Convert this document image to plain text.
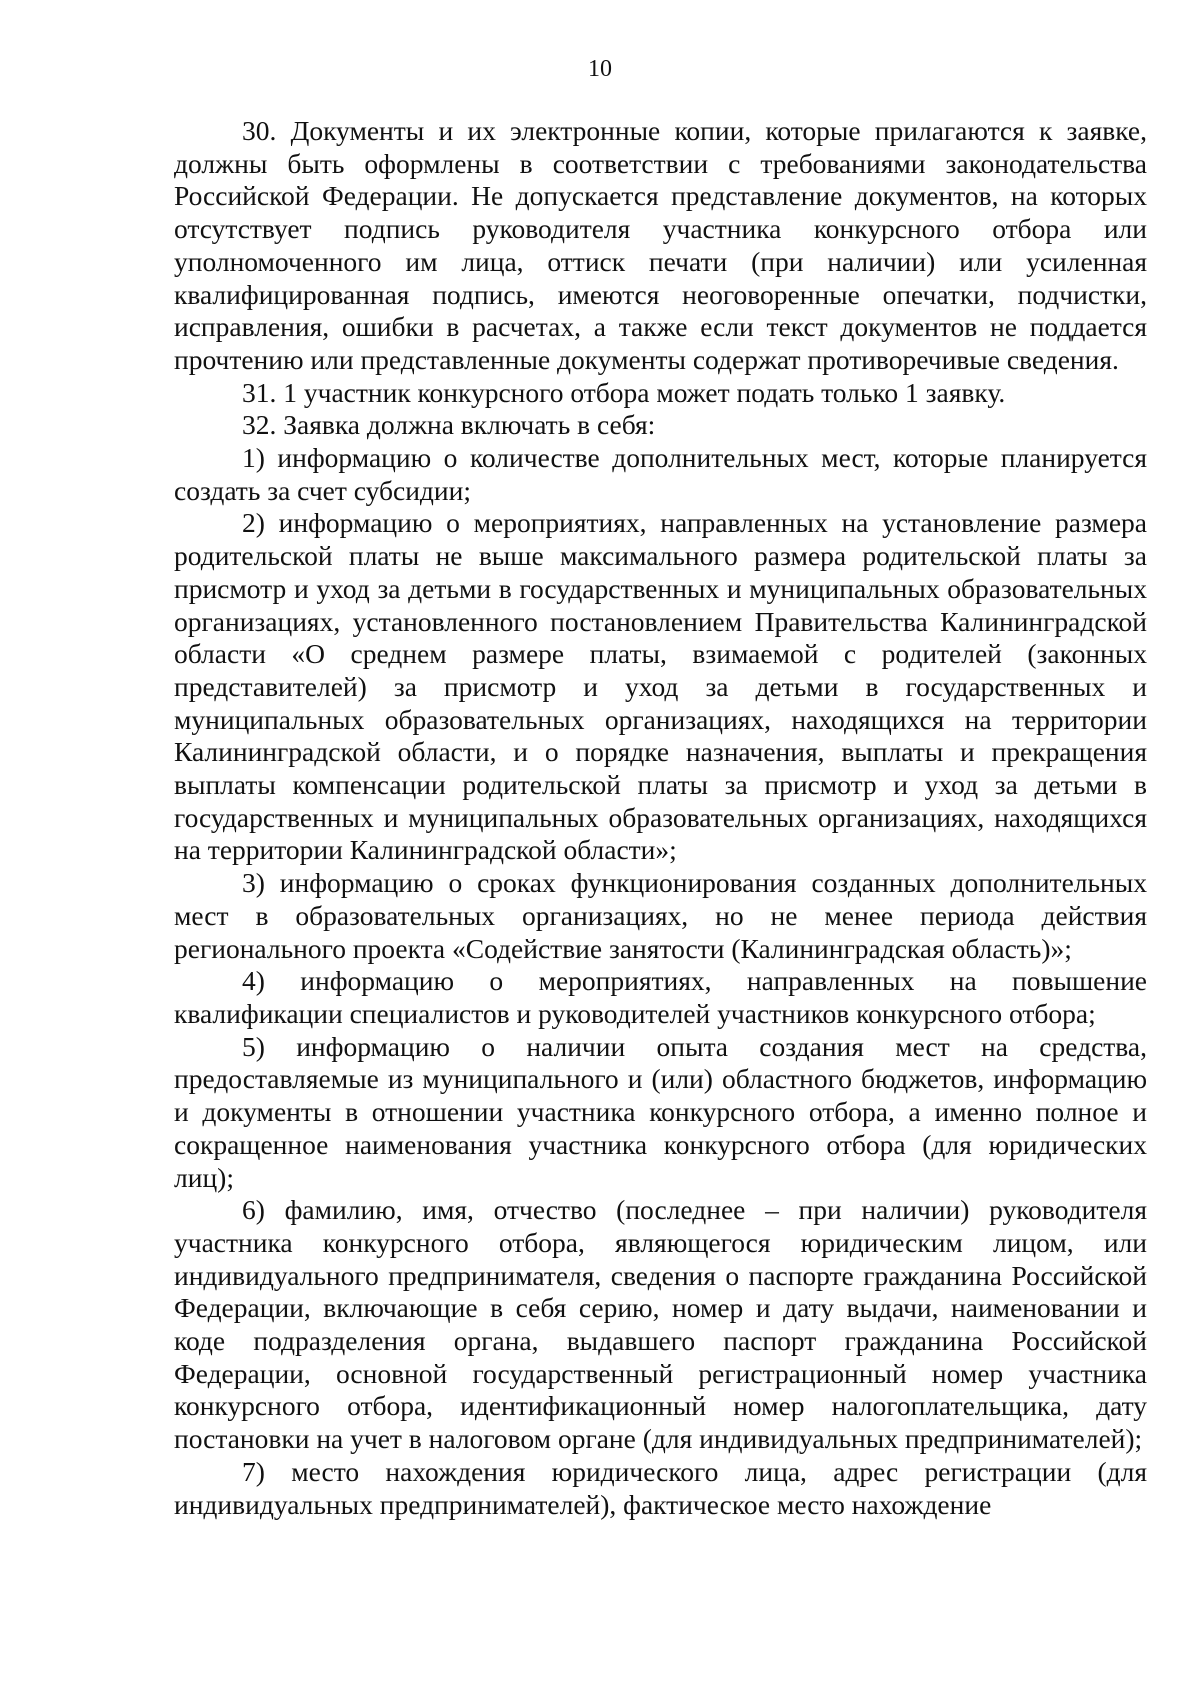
10

30. Документы и их электронные копии, которые прилагаются к заявке, должны быть оформлены в соответствии с требованиями законодательства Российской Федерации. Не допускается представление документов, на которых отсутствует подпись руководителя участника конкурсного отбора или уполномоченного им лица, оттиск печати (при наличии) или усиленная квалифицированная подпись, имеются неоговоренные опечатки, подчистки, исправления, ошибки в расчетах, а также если текст документов не поддается прочтению или представленные документы содержат противоречивые сведения.

31. 1 участник конкурсного отбора может подать только 1 заявку.

32. Заявка должна включать в себя:

1) информацию о количестве дополнительных мест, которые планируется создать за счет субсидии;

2) информацию о мероприятиях, направленных на установление размера родительской платы не выше максимального размера родительской платы за присмотр и уход за детьми в государственных и муниципальных образовательных организациях, установленного постановлением Правительства Калининградской области «О среднем размере платы, взимаемой с родителей (законных представителей) за присмотр и уход за детьми в государственных и муниципальных образовательных организациях, находящихся на территории Калининградской области, и о порядке назначения, выплаты и прекращения выплаты компенсации родительской платы за присмотр и уход за детьми в государственных и муниципальных образовательных организациях, находящихся на территории Калининградской области»;

3) информацию о сроках функционирования созданных дополнительных мест в образовательных организациях, но не менее периода действия регионального проекта «Содействие занятости (Калининградская область)»;

4) информацию о мероприятиях, направленных на повышение квалификации специалистов и руководителей участников конкурсного отбора;

5) информацию о наличии опыта создания мест на средства, предоставляемые из муниципального и (или) областного бюджетов, информацию и документы в отношении участника конкурсного отбора, а именно полное и сокращенное наименования участника конкурсного отбора (для юридических лиц);

6) фамилию, имя, отчество (последнее – при наличии) руководителя участника конкурсного отбора, являющегося юридическим лицом, или индивидуального предпринимателя, сведения о паспорте гражданина Российской Федерации, включающие в себя серию, номер и дату выдачи, наименовании и коде подразделения органа, выдавшего паспорт гражданина Российской Федерации, основной государственный регистрационный номер участника конкурсного отбора, идентификационный номер налогоплательщика, дату постановки на учет в налоговом органе (для индивидуальных предпринимателей);

7) место нахождения юридического лица, адрес регистрации (для индивидуальных предпринимателей), фактическое место нахождение
